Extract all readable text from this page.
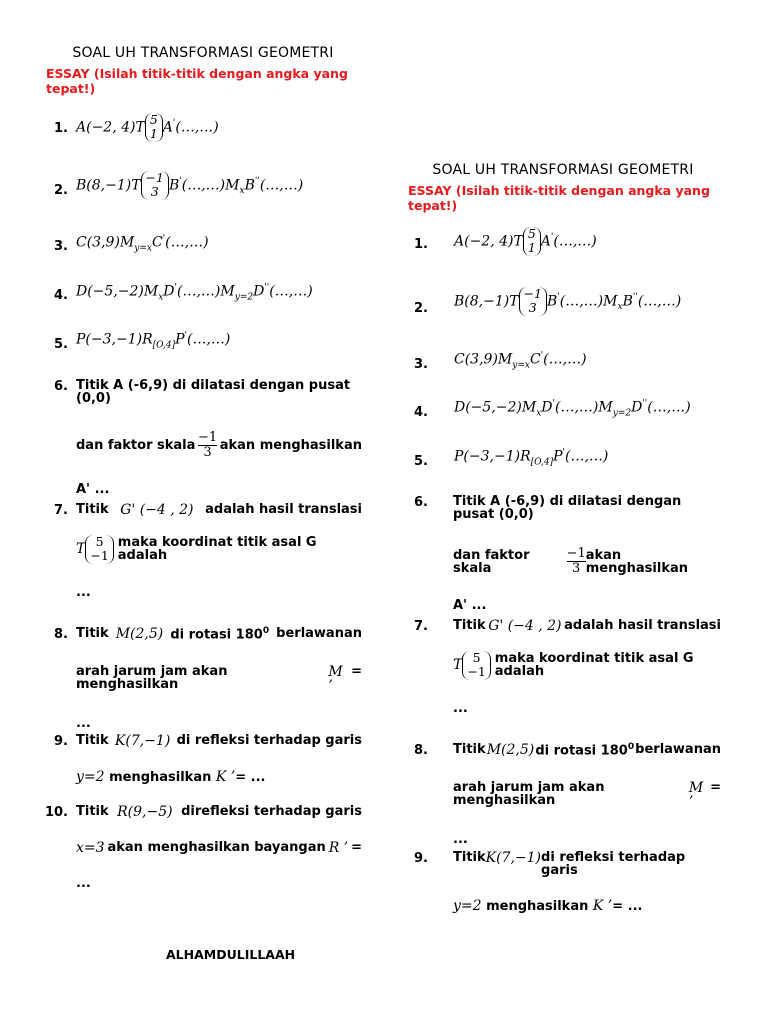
SOAL UH TRANSFORMASI GEOMETRI
ESSAY (Isilah titik-titik dengan angka yang tepat!)
1. A(−2, 4)T 5
1 A'(…,…)
2. B(8,−1)T −1
3 $B'(\dots,\dots)M_xB''(\dots,\dots)$
3. $C(3,9)M_{y=x}C'(\dots,\dots)$
4. $D(-5,-2)M_xD'(\dots,\dots)M_{y=2}D''(\dots,\dots)$
5. $P(-3,-1)R_{[O,4]}P'(\dots,\dots)$
6. Titik A (-6,9) di dilatasi dengan pusat (0,0)
dan faktor skala $\frac{-1}{3}$ akan menghasilkan
A' ...
7. Titik G' (−4 , 2) adalah hasil translasi
T 5
−1
maka koordinat titik asal G adalah
...
8. Titik M(2,5) di rotasi $180^0$ berlawanan
arah jarum jam akan menghasilkan
M ’
=
...
9. Titik K(7,−1) di refleksi terhadap garis
y=2 menghasilkan K ’= ...
10. Titik R(9,−5) direfleksi terhadap garis
x=3 akan menghasilkan bayangan R ’ =
...
ALHAMDULILLAAH
SOAL UH TRANSFORMASI GEOMETRI
ESSAY (Isilah titik-titik dengan angka yang tepat!)
1. A(−2, 4)T 5
1 A'(…,…)
2. B(8,−1)T −1
3 $B'(\dots,\dots)M_xB''(\dots,\dots)$
3. $C(3,9)M_{y=x}C'(\dots,\dots)$
4. $D(-5,-2)M_xD'(\dots,\dots)M_{y=2}D''(\dots,\dots)$
5. $P(-3,-1)R_{[O,4]}P'(\dots,\dots)$
6. Titik A (-6,9) di dilatasi dengan pusat (0,0)
dan faktor skala	$\frac{-1}{3}$ akan menghasilkan
A' ...
7. Titik G' (−4 , 2) adalah hasil translasi
T 5
−1
maka koordinat titik asal G adalah
...
8. Titik M(2,5) di rotasi $180^0$ berlawanan
arah jarum jam akan menghasilkan
M ’
=
...
9. Titik K(7,−1) di refleksi terhadap garis
y=2 menghasilkan K ’= ...
